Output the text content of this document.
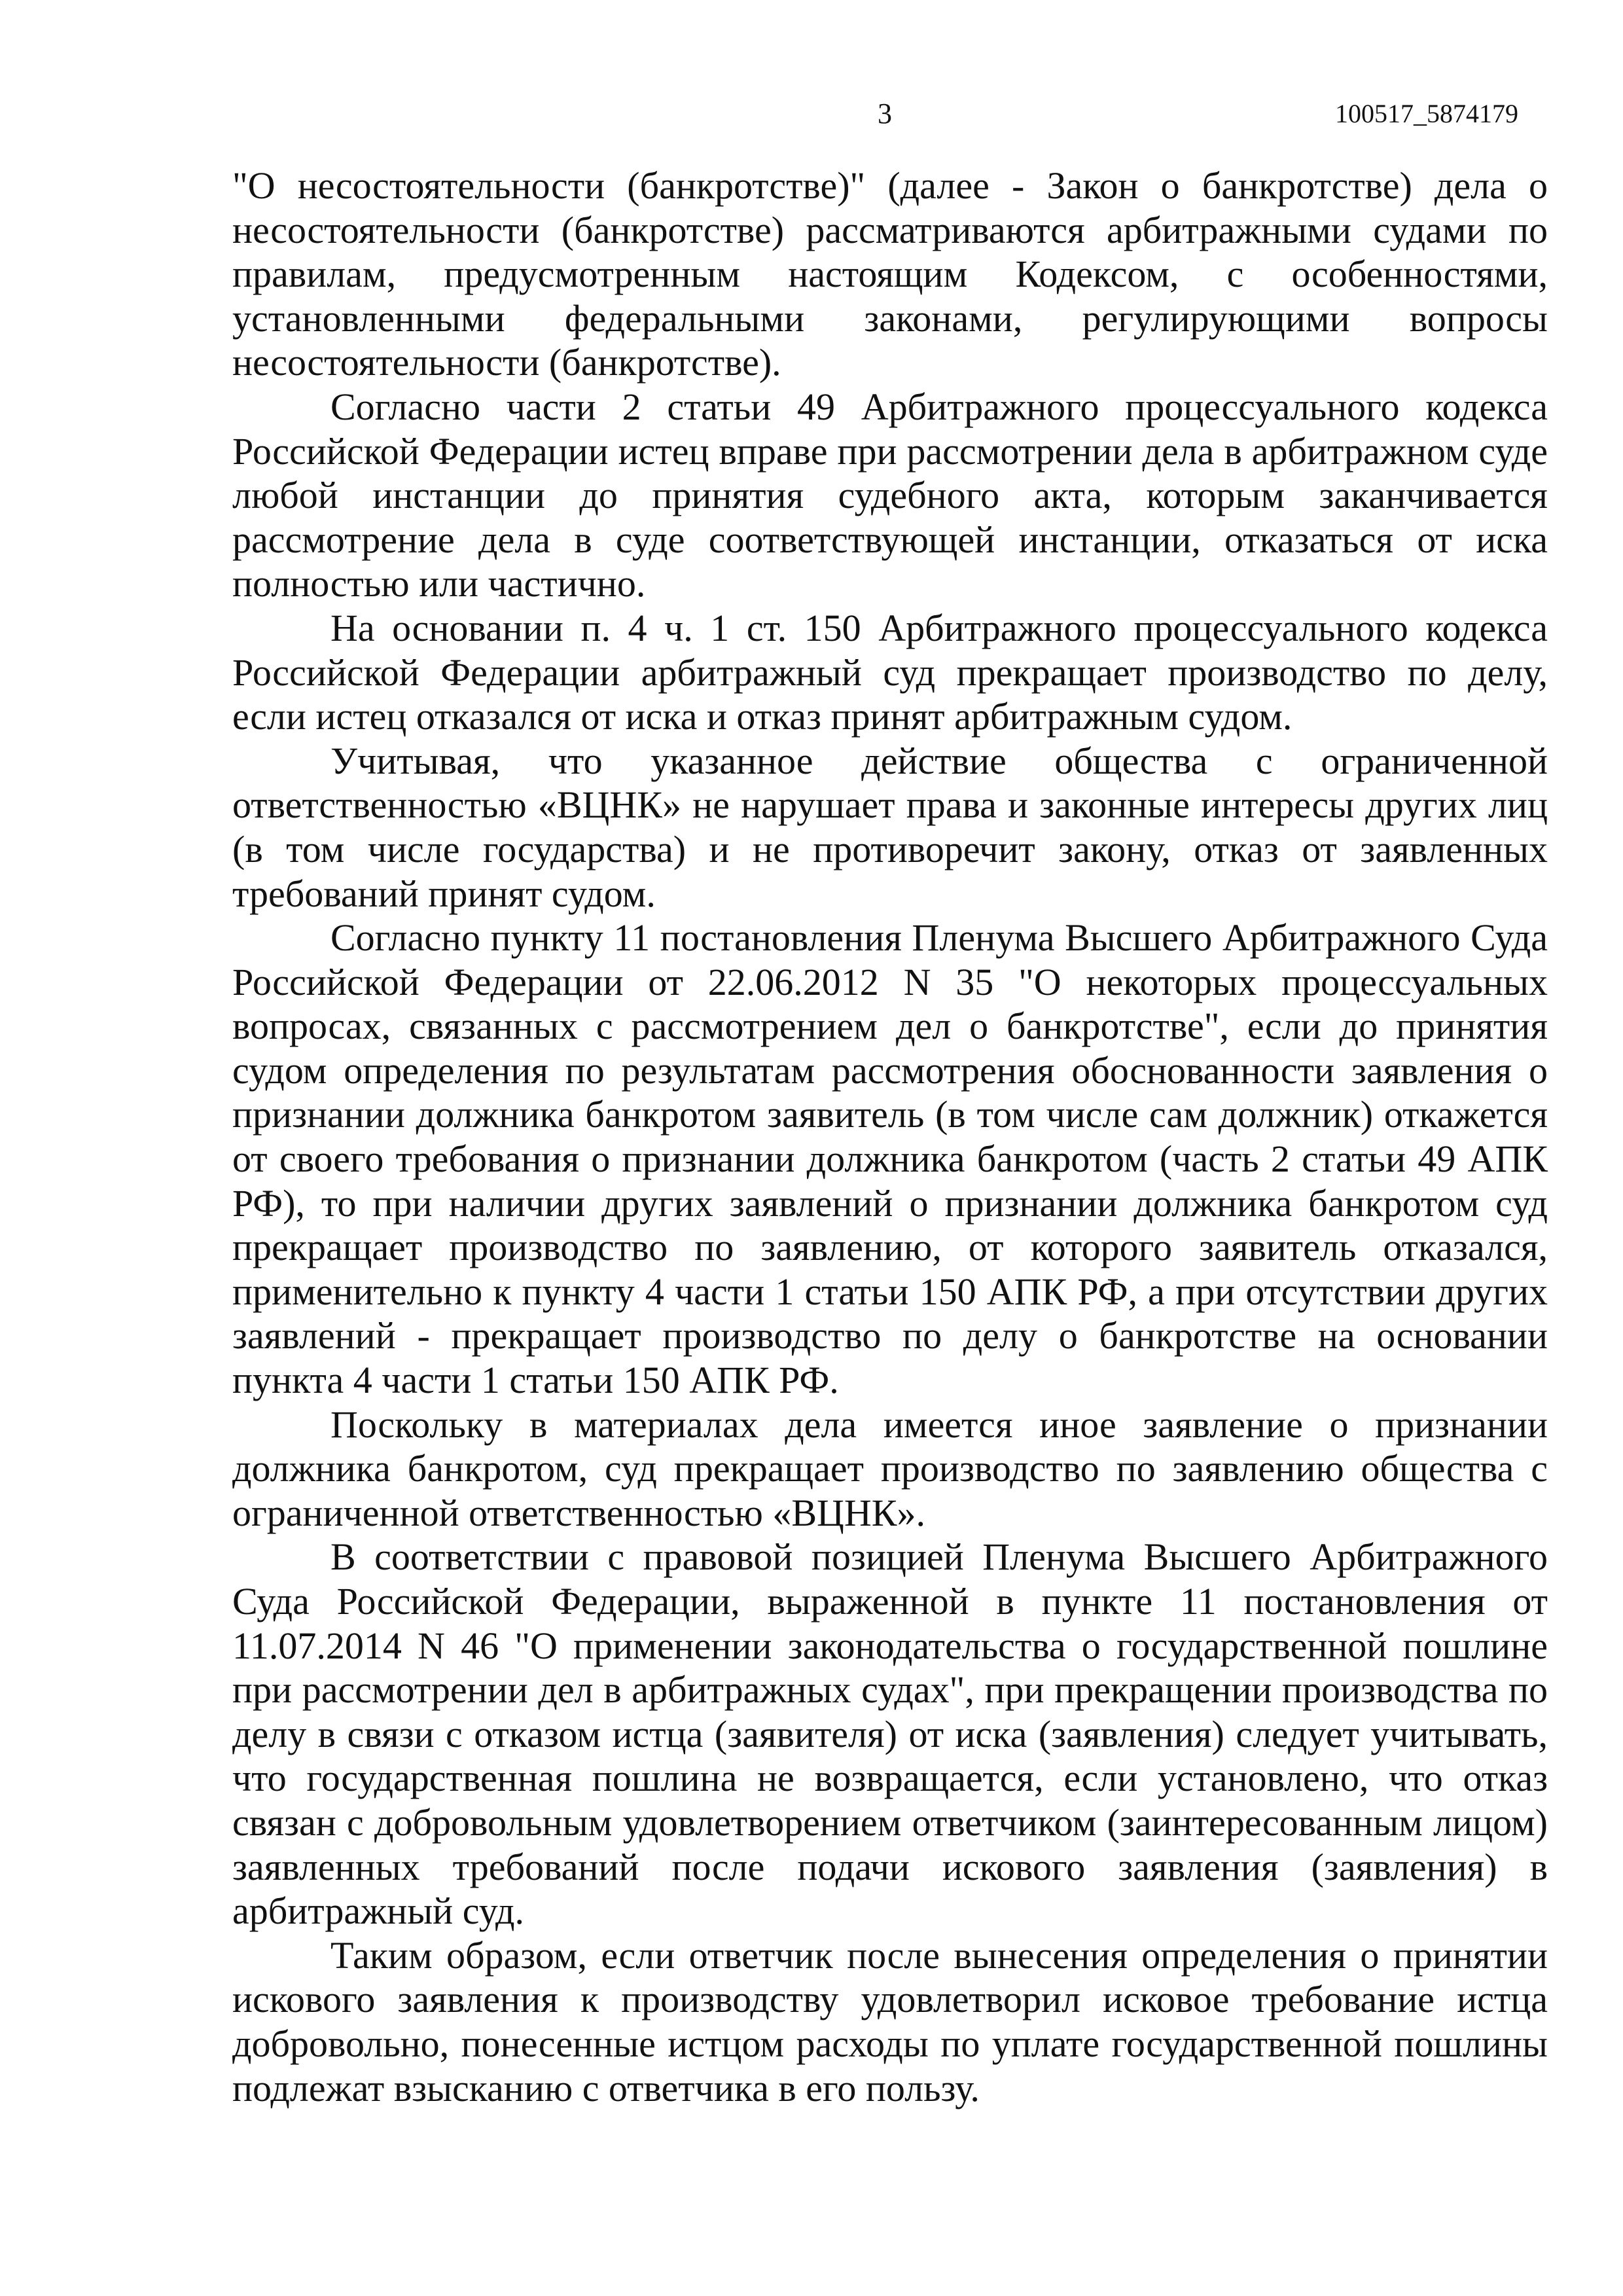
3	100517_5874179

"О несостоятельности (банкротстве)" (далее - Закон о банкротстве) дела о несостоятельности (банкротстве) рассматриваются арбитражными судами по правилам, предусмотренным настоящим Кодексом, с особенностями, установленными федеральными законами, регулирующими вопросы несостоятельности (банкротстве).

Согласно части 2 статьи 49 Арбитражного процессуального кодекса Российской Федерации истец вправе при рассмотрении дела в арбитражном суде любой инстанции до принятия судебного акта, которым заканчивается рассмотрение дела в суде соответствующей инстанции, отказаться от иска полностью или частично.

На основании п. 4 ч. 1 ст. 150 Арбитражного процессуального кодекса Российской Федерации арбитражный суд прекращает производство по делу, если истец отказался от иска и отказ принят арбитражным судом.

Учитывая, что указанное действие общества с ограниченной ответственностью «ВЦНК» не нарушает права и законные интересы других лиц (в том числе государства) и не противоречит закону, отказ от заявленных требований принят судом.

Согласно пункту 11 постановления Пленума Высшего Арбитражного Суда Российской Федерации от 22.06.2012 N 35 "О некоторых процессуальных вопросах, связанных с рассмотрением дел о банкротстве", если до принятия судом определения по результатам рассмотрения обоснованности заявления о признании должника банкротом заявитель (в том числе сам должник) откажется от своего требования о признании должника банкротом (часть 2 статьи 49 АПК РФ), то при наличии других заявлений о признании должника банкротом суд прекращает производство по заявлению, от которого заявитель отказался, применительно к пункту 4 части 1 статьи 150 АПК РФ, а при отсутствии других заявлений - прекращает производство по делу о банкротстве на основании пункта 4 части 1 статьи 150 АПК РФ.

Поскольку в материалах дела имеется иное заявление о признании должника банкротом, суд прекращает производство по заявлению общества с ограниченной ответственностью «ВЦНК».

В соответствии с правовой позицией Пленума Высшего Арбитражного Суда Российской Федерации, выраженной в пункте 11 постановления от 11.07.2014 N 46 "О применении законодательства о государственной пошлине при рассмотрении дел в арбитражных судах", при прекращении производства по делу в связи с отказом истца (заявителя) от иска (заявления) следует учитывать, что государственная пошлина не возвращается, если установлено, что отказ связан с добровольным удовлетворением ответчиком (заинтересованным лицом) заявленных требований после подачи искового заявления (заявления) в арбитражный суд.

Таким образом, если ответчик после вынесения определения о принятии искового заявления к производству удовлетворил исковое требование истца добровольно, понесенные истцом расходы по уплате государственной пошлины подлежат взысканию с ответчика в его пользу.
